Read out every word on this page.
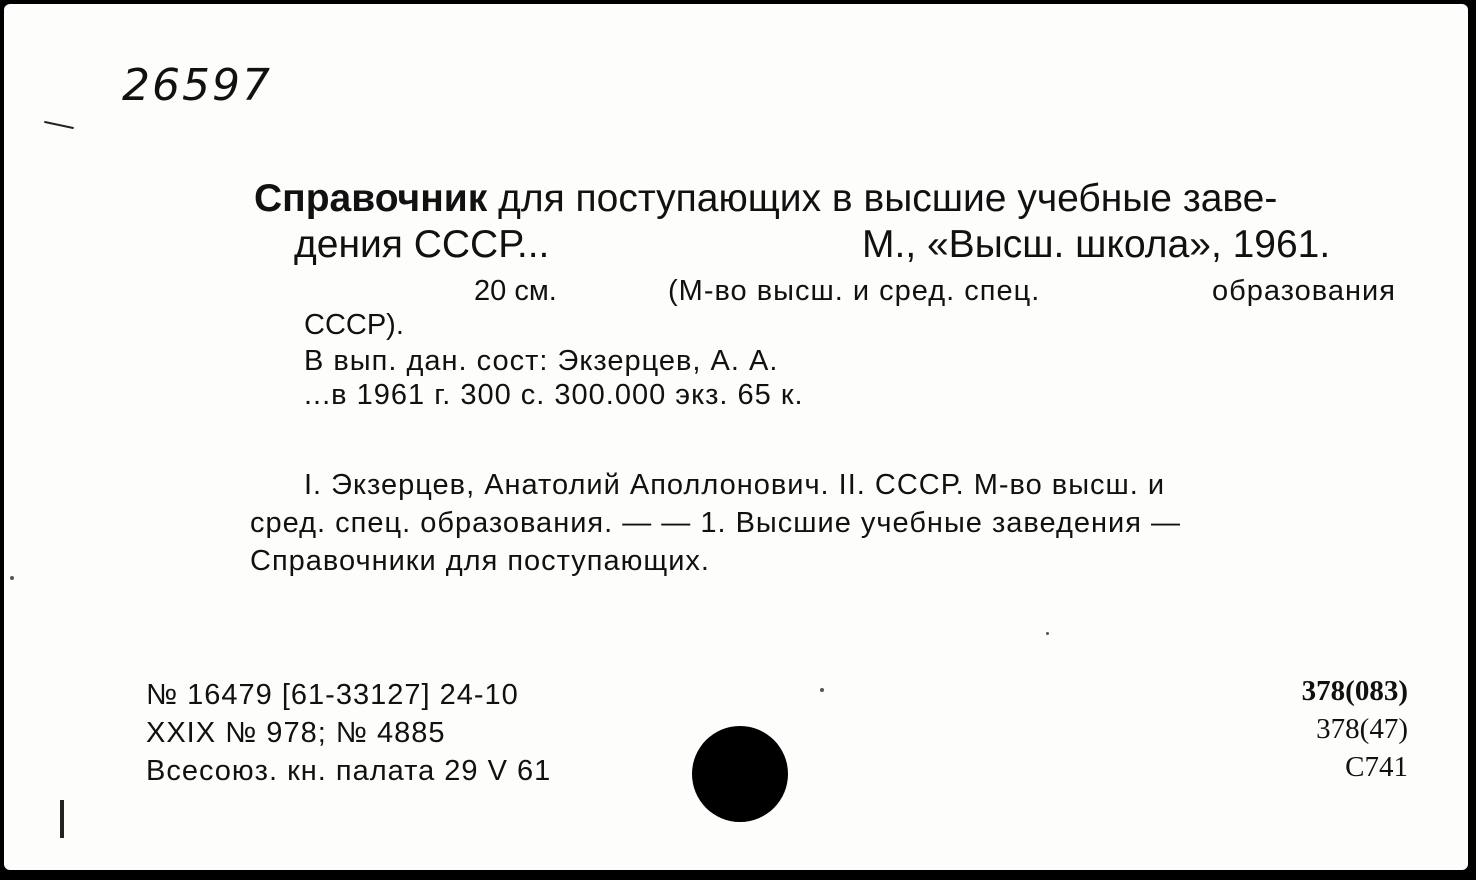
26597
Справочник для поступающих в высшие учебные заве-
дения СССР...	М., «Высш. школа», 1961.
20 см.	(М-во высш. и сред. спец.	образования
СССР).
В вып. дан. сост: Экзерцев, А. А.
...в 1961 г. 300 с. 300.000 экз. 65 к.
I. Экзерцев, Анатолий Аполлонович. II. СССР. М-во высш. и
сред. спец. образования. — — 1. Высшие учебные заведения —
Справочники для поступающих.
№ 16479 [61-33127] 24-10
XXIX № 978; № 4885
Всесоюз. кн. палата 29 V 61
378(083)
378(47)
С741
